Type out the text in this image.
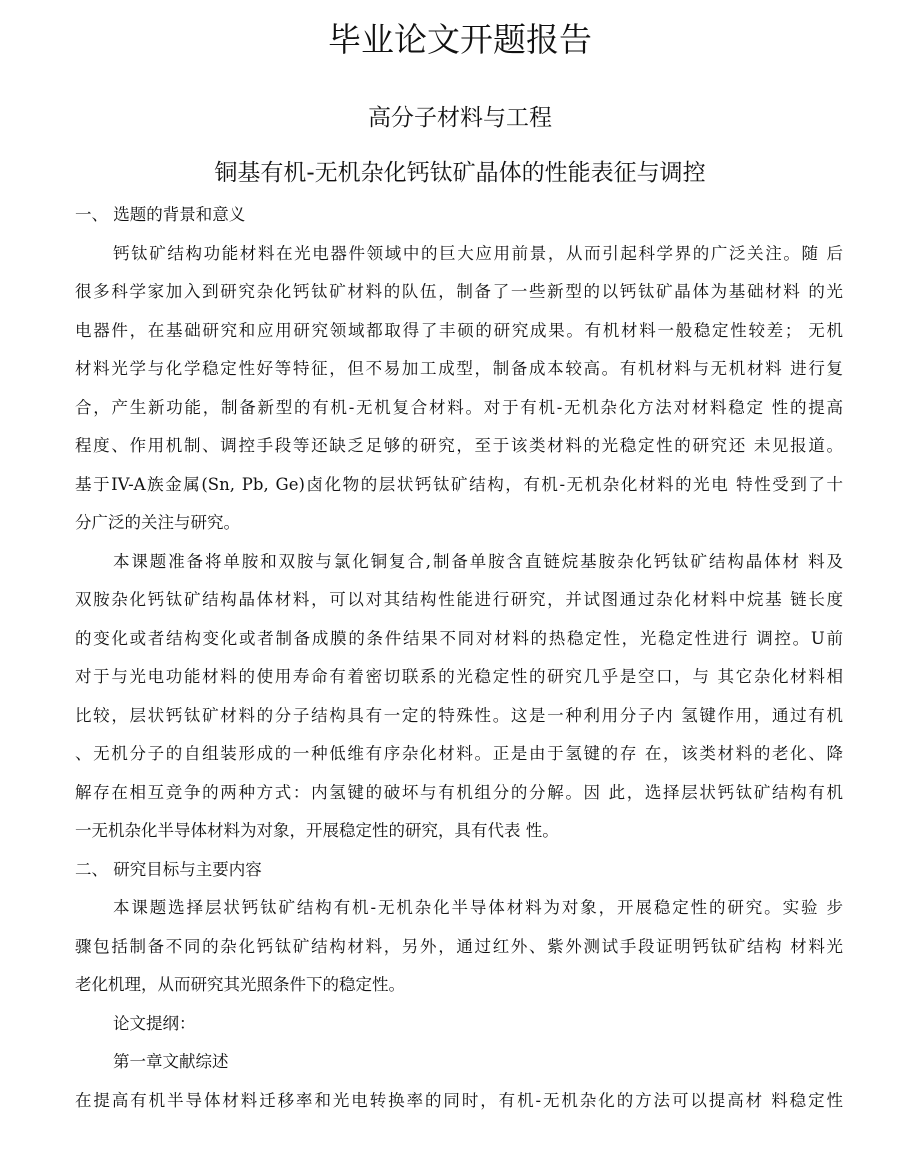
毕业论文开题报告
高分子材料与工程
铜基有机-无机杂化钙钛矿晶体的性能表征与调控
一、 选题的背景和意义
钙钛矿结构功能材料在光电器件领域中的巨大应用前景，从而引起科学界的广泛关注。随 后
很多科学家加入到研究杂化钙钛矿材料的队伍，制备了一些新型的以钙钛矿晶体为基础材料 的光
电器件，在基础研究和应用研究领域都取得了丰硕的研究成果。有机材料一般稳定性较差； 无机
材料光学与化学稳定性好等特征，但不易加工成型，制备成本较高。有机材料与无机材料 进行复
合，产生新功能，制备新型的有机-无机复合材料。对于有机-无机杂化方法对材料稳定 性的提高
程度、作用机制、调控手段等还缺乏足够的研究，至于该类材料的光稳定性的研究还 未见报道。
基于IV-A族金属(Sn, Pb, Ge)卤化物的层状钙钛矿结构，有机-无机杂化材料的光电 特性受到了十
分广泛的关注与研究。
本课题准备将单胺和双胺与氯化铜复合,制备单胺含直链烷基胺杂化钙钛矿结构晶体材 料及
双胺杂化钙钛矿结构晶体材料，可以对其结构性能进行研究，并试图通过杂化材料中烷基 链长度
的变化或者结构变化或者制备成膜的条件结果不同对材料的热稳定性，光稳定性进行 调控。U前
对于与光电功能材料的使用寿命有着密切联系的光稳定性的研究几乎是空口，与 其它杂化材料相
比较，层状钙钛矿材料的分子结构具有一定的特殊性。这是一种利用分子内 氢键作用，通过有机
、无机分子的自组装形成的一种低维有序杂化材料。正是由于氢键的存 在，该类材料的老化、降
解存在相互竞争的两种方式：内氢键的破坏与有机组分的分解。因 此，选择层状钙钛矿结构有机
一无机杂化半导体材料为对象，开展稳定性的研究，具有代表 性。
二、 研究目标与主要内容
本课题选择层状钙钛矿结构有机-无机杂化半导体材料为对象，开展稳定性的研究。实验 步
骤包括制备不同的杂化钙钛矿结构材料，另外，通过红外、紫外测试手段证明钙钛矿结构 材料光
老化机理，从而研究其光照条件下的稳定性。
论文提纲：
第一章文献综述
在提高有机半导体材料迁移率和光电转换率的同时，有机-无机杂化的方法可以提高材 料稳定性
